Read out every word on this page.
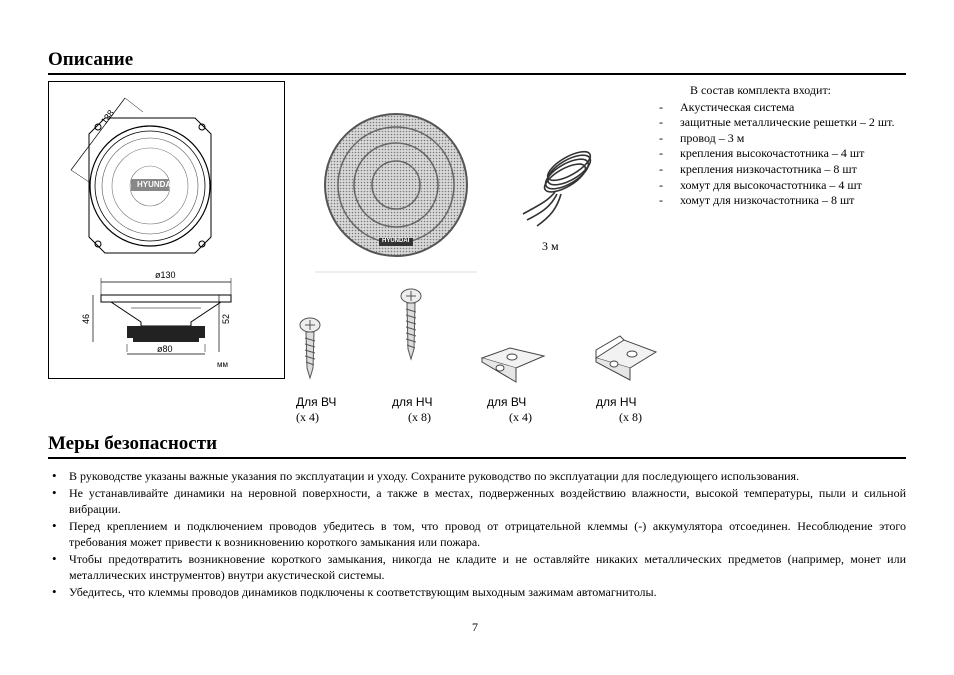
Описание
138
HYUNDAI
ø130
46	52
ø80
мм
HYUNDAI	3 м
В состав комплекта входит:
- Акустическая система
- защитные металлические решетки – 2 шт.
- провод – 3 м
- крепления высокочастотника – 4 шт
- крепления низкочастотника – 8 шт
- хомут для высокочастотника – 4 шт
- хомут для низкочастотника – 8 шт
Для ВЧ
(х 4)
для НЧ
(х 8)
для ВЧ
(х 4)
для НЧ
(х 8)
Меры безопасности
• В руководстве указаны важные указания по эксплуатации и уходу. Сохраните руководство по эксплуатации для последующего использования.
• Не устанавливайте динамики на неровной поверхности, а также в местах, подверженных воздействию влажности, высокой температуры, пыли и сильной вибрации.
• Перед креплением и подключением проводов убедитесь в том, что провод от отрицательной клеммы (-) аккумулятора отсоединен. Несоблюдение этого требования может привести к возникновению короткого замыкания или пожара.
• Чтобы предотвратить возникновение короткого замыкания, никогда не кладите и не оставляйте никаких металлических предметов (например, монет или металлических инструментов) внутри акустической системы.
• Убедитесь, что клеммы проводов динамиков подключены к соответствующим выходным зажимам автомагнитолы.
7
